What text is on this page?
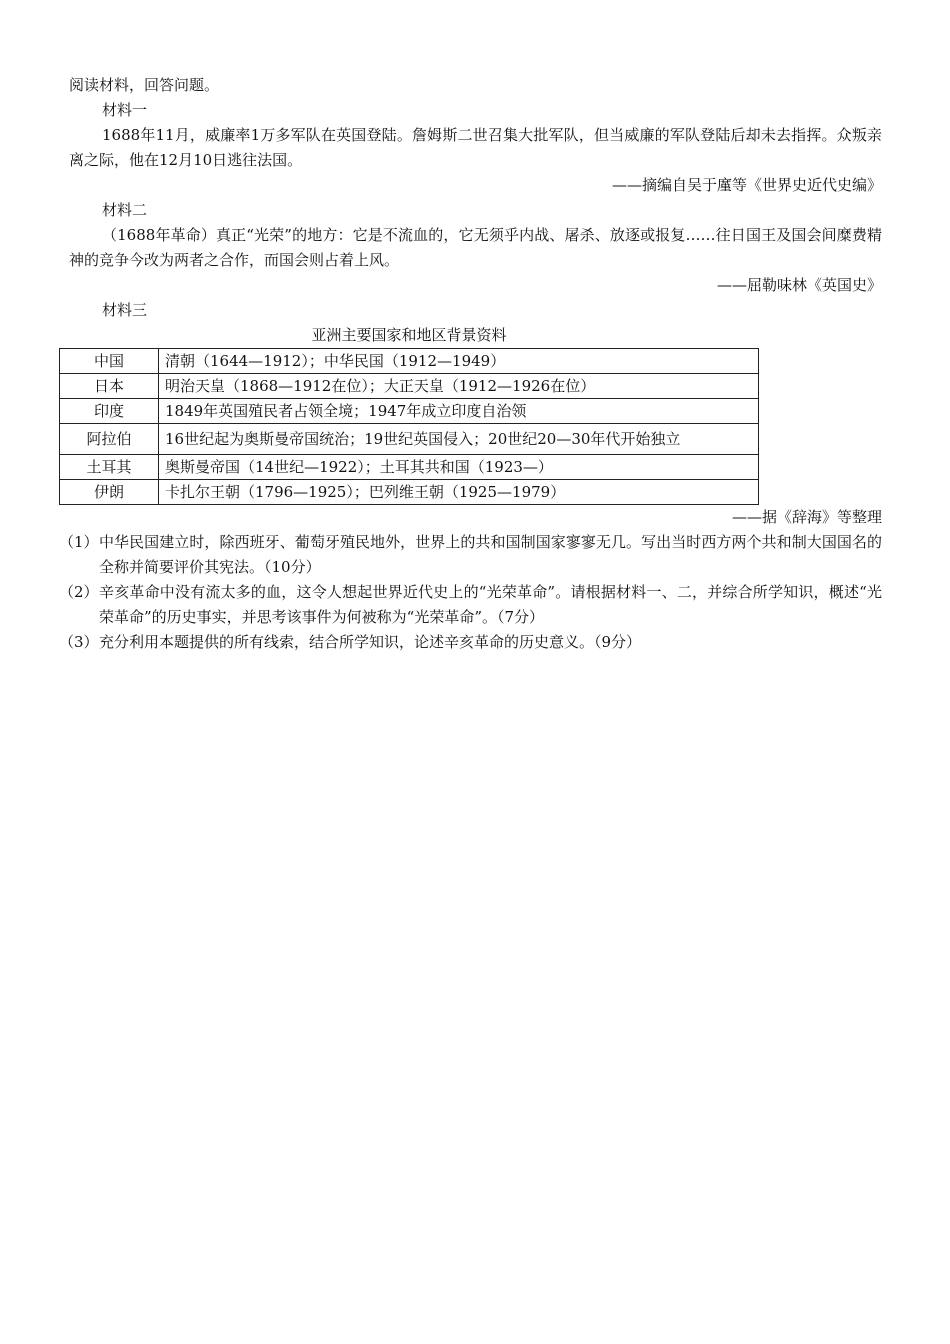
阅读材料，回答问题。

材料一

1688年11月，威廉率1万多军队在英国登陆。詹姆斯二世召集大批军队，但当威廉的军队登陆后却未去指挥。众叛亲离之际，他在12月10日逃往法国。

——摘编自吴于廑等《世界史近代史编》

材料二

（1688年革命）真正“光荣”的地方：它是不流血的，它无须乎内战、屠杀、放逐或报复……往日国王及国会间糜费精神的竞争今改为两者之合作，而国会则占着上风。

——屈勒味林《英国史》

材料三

亚洲主要国家和地区背景资料

中国	清朝（1644—1912）；中华民国（1912—1949）
日本	明治天皇（1868—1912在位）；大正天皇（1912—1926在位）
印度	1849年英国殖民者占领全境；1947年成立印度自治领
阿拉伯	16世纪起为奥斯曼帝国统治；19世纪英国侵入；20世纪20—30年代开始独立
土耳其	奥斯曼帝国（14世纪—1922）；土耳其共和国（1923—）
伊朗	卡扎尔王朝（1796—1925）；巴列维王朝（1925—1979）

——据《辞海》等整理

（1） 中华民国建立时，除西班牙、葡萄牙殖民地外，世界上的共和国制国家寥寥无几。写出当时西方两个共和制大国国名的全称并简要评价其宪法。（10分）
（2） 辛亥革命中没有流太多的血，这令人想起世界近代史上的“光荣革命”。请根据材料一、二，并综合所学知识，概述“光荣革命”的历史事实，并思考该事件为何被称为“光荣革命”。（7分）
（3） 充分利用本题提供的所有线索，结合所学知识，论述辛亥革命的历史意义。（9分）
